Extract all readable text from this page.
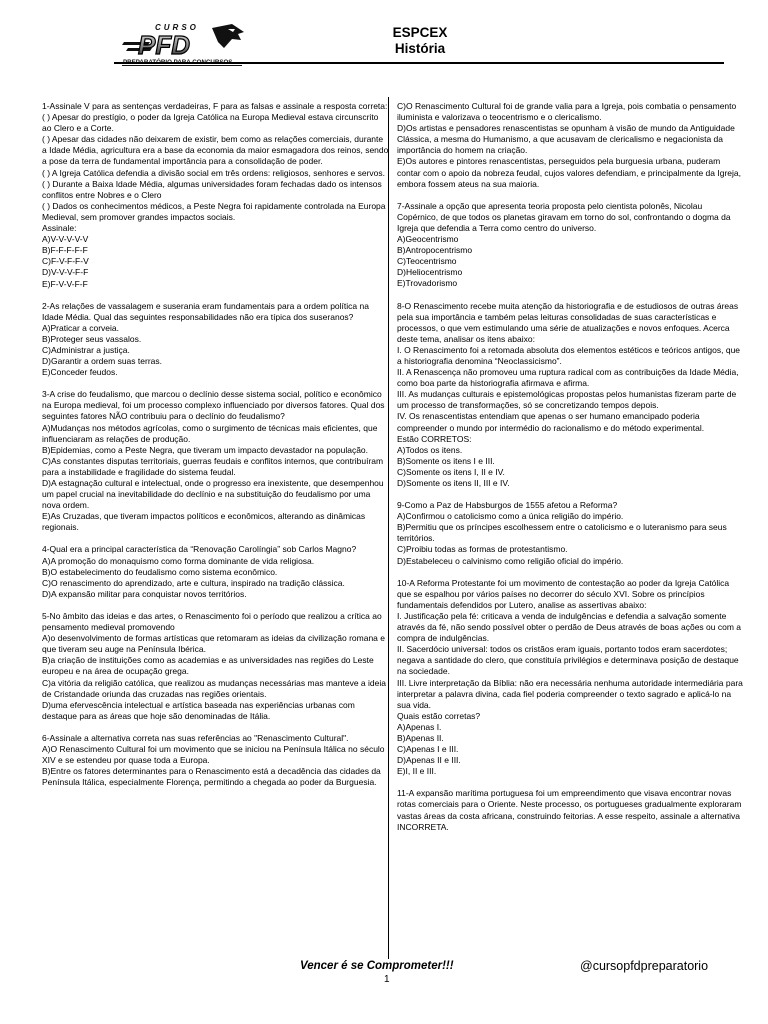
CURSO
PFD	ESPCEX
História

1-Assinale V para as sentenças verdadeiras, F para as falsas e assinale a resposta correta:

( ) Apesar do prestígio, o poder da Igreja Católica na Europa Medieval estava circunscrito ao Clero e a Corte.

( ) Apesar das cidades não deixarem de existir, bem como as relações comerciais, durante a Idade Média, agricultura era a base da economia da maior esmagadora dos reinos, sendo a pose da terra de fundamental importância para a consolidação de poder.

( ) A Igreja Católica defendia a divisão social em três ordens: religiosos, senhores e servos.

( ) Durante a Baixa Idade Média, algumas universidades foram fechadas dado os intensos conflitos entre Nobres e o Clero

( ) Dados os conhecimentos médicos, a Peste Negra foi rapidamente controlada na Europa Medieval, sem promover grandes impactos sociais.

Assinale:

A)V-V-V-V-V

B)F-F-F-F-F

C)F-V-F-F-V

D)V-V-V-F-F

E)F-V-V-F-F

2-As relações de vassalagem e suserania eram fundamentais para a ordem política na Idade Média. Qual das seguintes responsabilidades não era típica dos suseranos?

A)Praticar a corveia.

B)Proteger seus vassalos.

C)Administrar a justiça.

D)Garantir a ordem suas terras.

E)Conceder feudos.

3-A crise do feudalismo, que marcou o declínio desse sistema social, político e econômico na Europa medieval, foi um processo complexo influenciado por diversos fatores. Qual dos seguintes fatores NÃO contribuiu para o declínio do feudalismo?

A)Mudanças nos métodos agrícolas, como o surgimento de técnicas mais eficientes, que influenciaram as relações de produção.

B)Epidemias, como a Peste Negra, que tiveram um impacto devastador na população.

C)As constantes disputas territoriais, guerras feudais e conflitos internos, que contribuíram para a instabilidade e fragilidade do sistema feudal.

D)A estagnação cultural e intelectual, onde o progresso era inexistente, que desempenhou um papel crucial na inevitabilidade do declínio e na substituição do feudalismo por uma nova ordem.

E)As Cruzadas, que tiveram impactos políticos e econômicos, alterando as dinâmicas regionais.

4-Qual era a principal característica da “Renovação Carolíngia” sob Carlos Magno?

A)A promoção do monaquismo como forma dominante de vida religiosa.

B)O estabelecimento do feudalismo como sistema econômico.

C)O renascimento do aprendizado, arte e cultura, inspirado na tradição clássica.

D)A expansão militar para conquistar novos territórios.

5-No âmbito das ideias e das artes, o Renascimento foi o período que realizou a crítica ao pensamento medieval promovendo

A)o desenvolvimento de formas artísticas que retomaram as ideias da civilização romana e que tiveram seu auge na Península Ibérica.

B)a criação de instituições como as academias e as universidades nas regiões do Leste europeu e na área de ocupação grega.

C)a vitória da religião católica, que realizou as mudanças necessárias mas manteve a ideia de Cristandade oriunda das cruzadas nas regiões orientais.

D)uma efervescência intelectual e artística baseada nas experiências urbanas com destaque para as áreas que hoje são denominadas de Itália.

6-Assinale a alternativa correta nas suas referências ao "Renascimento Cultural".

A)O Renascimento Cultural foi um movimento que se iniciou na Península Itálica no século XIV e se estendeu por quase toda a Europa.

B)Entre os fatores determinantes para o Renascimento está a decadência das cidades da Península Itálica, especialmente Florença, permitindo a chegada ao poder da Burguesia.

C)O Renascimento Cultural foi de grande valia para a Igreja, pois combatia o pensamento iluminista e valorizava o teocentrismo e o clericalismo.

D)Os artistas e pensadores renascentistas se opunham à visão de mundo da Antiguidade Clássica, a mesma do Humanismo, a que acusavam de clericalismo e negacionista da importância do homem na criação.

E)Os autores e pintores renascentistas, perseguidos pela burguesia urbana, puderam contar com o apoio da nobreza feudal, cujos valores defendiam, e principalmente da Igreja, embora fossem ateus na sua maioria.

7-Assinale a opção que apresenta teoria proposta pelo cientista polonês, Nicolau Copérnico, de que todos os planetas giravam em torno do sol, confrontando o dogma da Igreja que defendia a Terra como centro do universo.

A)Geocentrismo

B)Antropocentrismo

C)Teocentrismo

D)Heliocentrismo

E)Trovadorismo

8-O Renascimento recebe muita atenção da historiografia e de estudiosos de outras áreas pela sua importância e também pelas leituras consolidadas de suas características e processos, o que vem estimulando uma série de atualizações e novos enfoques. Acerca deste tema, analisar os itens abaixo:

I. O Renascimento foi a retomada absoluta dos elementos estéticos e teóricos antigos, que a historiografia denomina “Neoclassicismo”.

II. A Renascença não promoveu uma ruptura radical com as contribuições da Idade Média, como boa parte da historiografia afirmava e afirma.

III. As mudanças culturais e epistemológicas propostas pelos humanistas fizeram parte de um processo de transformações, só se concretizando tempos depois.

IV. Os renascentistas entendiam que apenas o ser humano emancipado poderia compreender o mundo por intermédio do racionalismo e do método experimental.

Estão CORRETOS:

A)Todos os itens.

B)Somente os itens I e III.

C)Somente os itens I, II e IV.

D)Somente os itens II, III e IV.

9-Como a Paz de Habsburgos de 1555 afetou a Reforma?

A)Confirmou o catolicismo como a única religião do império.

B)Permitiu que os príncipes escolhessem entre o catolicismo e o luteranismo para seus territórios.

C)Proibiu todas as formas de protestantismo.

D)Estabeleceu o calvinismo como religião oficial do império.

10-A Reforma Protestante foi um movimento de contestação ao poder da Igreja Católica que se espalhou por vários países no decorrer do século XVI. Sobre os princípios fundamentais defendidos por Lutero, analise as assertivas abaixo:

I. Justificação pela fé: criticava a venda de indulgências e defendia a salvação somente através da fé, não sendo possível obter o perdão de Deus através de boas ações ou com a compra de indulgências.

II. Sacerdócio universal: todos os cristãos eram iguais, portanto todos eram sacerdotes; negava a santidade do clero, que constituía privilégios e determinava posição de destaque na sociedade.

III. Livre interpretação da Bíblia: não era necessária nenhuma autoridade intermediária para interpretar a palavra divina, cada fiel poderia compreender o texto sagrado e aplicá-lo na sua vida.

Quais estão corretas?

A)Apenas I.

B)Apenas II.

C)Apenas I e III.

D)Apenas II e III.

E)I, II e III.

11-A expansão marítima portuguesa foi um empreendimento que visava encontrar novas rotas comerciais para o Oriente. Neste processo, os portugueses gradualmente exploraram vastas áreas da costa africana, construindo feitorias. A esse respeito, assinale a alternativa INCORRETA.

Vencer é se Comprometer!!!	@cursopfdpreparatorio
1
